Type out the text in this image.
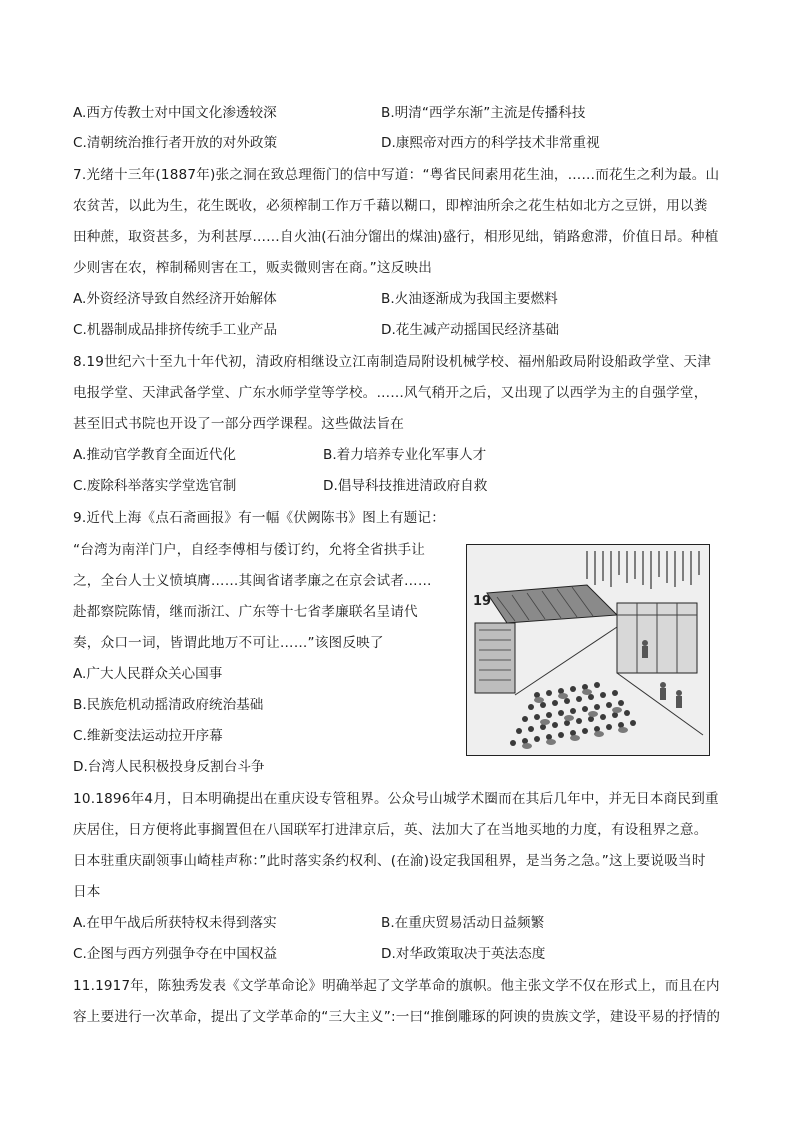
A.西方传教士对中国文化渗透较深	B.明清“西学东渐”主流是传播科技
C.清朝统治推行者开放的对外政策	D.康熙帝对西方的科学技术非常重视
7.光绪十三年(1887年)张之洞在致总理衙门的信中写道：“粤省民间素用花生油，……而花生之利为最。山
农贫苦，以此为生，花生既收，必须榨制工作万千藉以糊口，即榨油所余之花生枯如北方之豆饼，用以粪
田种蔗，取资甚多，为利甚厚……自火油(石油分馏出的煤油)盛行，相形见绌，销路愈滞，价值日昂。种植
少则害在农，榨制稀则害在工，贩卖微则害在商。”这反映出
A.外资经济导致自然经济开始解体	B.火油逐渐成为我国主要燃料
C.机器制成品排挤传统手工业产品	D.花生减产动摇国民经济基础
8.19世纪六十至九十年代初，清政府相继设立江南制造局附设机械学校、福州船政局附设船政学堂、天津
电报学堂、天津武备学堂、广东水师学堂等学校。……风气稍开之后，又出现了以西学为主的自强学堂，
甚至旧式书院也开设了一部分西学课程。这些做法旨在
A.推动官学教育全面近代化	B.着力培养专业化军事人才
C.废除科举落实学堂选官制	D.倡导科技推进清政府自救
9.近代上海《点石斋画报》有一幅《伏阙陈书》图上有题记：
“台湾为南洋门户，自经李傅相与倭订约，允将全省拱手让
之，全台人士义愤填膺……其闽省诸孝廉之在京会试者……
赴都察院陈情，继而浙江、广东等十七省孝廉联名呈请代
奏，众口一词，皆谓此地万不可让……”该图反映了
A.广大人民群众关心国事
B.民族危机动摇清政府统治基础
C.维新变法运动拉开序幕
D.台湾人民积极投身反割台斗争
19
10.1896年4月，日本明确提出在重庆设专管租界。公众号山城学术圈而在其后几年中，并无日本商民到重
庆居住，日方便将此事搁置但在八国联军打进津京后，英、法加大了在当地买地的力度，有设租界之意。
日本驻重庆副领事山崎桂声称：”此时落实条约权利、(在渝)设定我国租界，是当务之急。”这上要说吸当时
日本
A.在甲午战后所获特权未得到落实	B.在重庆贸易活动日益频繁
C.企图与西方列强争夺在中国权益	D.对华政策取决于英法态度
11.1917年，陈独秀发表《文学革命论》明确举起了文学革命的旗帜。他主张文学不仅在形式上，而且在内
容上要进行一次革命，提出了文学革命的“三大主义”:一曰“推倒雕琢的阿谀的贵族文学，建设平易的抒情的
